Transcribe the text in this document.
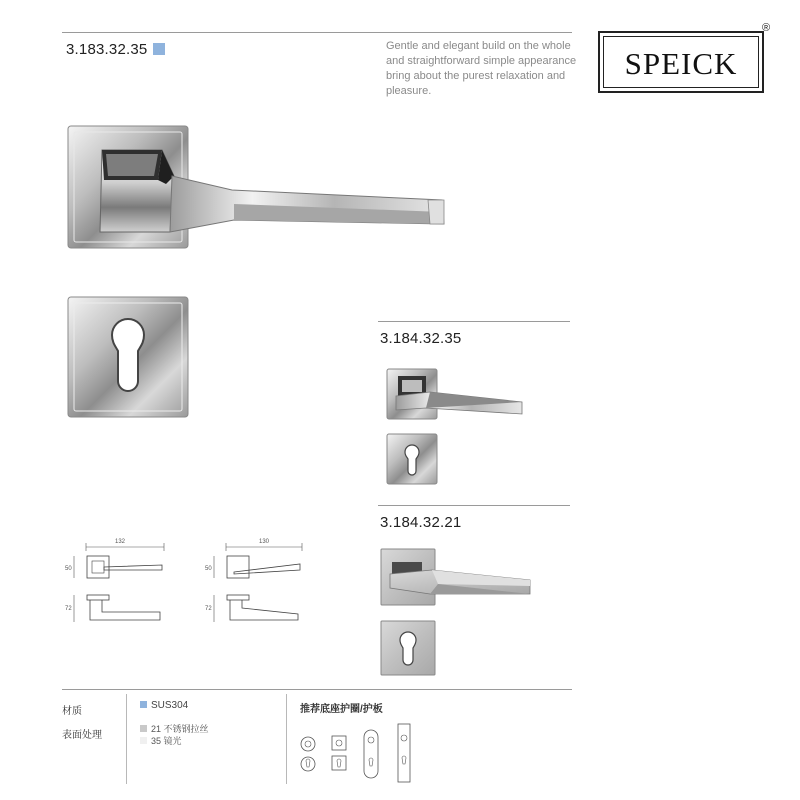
3.183.32.35	Gentle and elegant build on the whole
and straightforward simple appearance
bring about the purest relaxation and
pleasure.
SPEICK
®
3.184.32.35
3.184.32.21
132
50
72
130
50
72
材质
表面处理
SUS304
21 不锈钢拉丝
35 镜光
推荐底座护圈/护板
